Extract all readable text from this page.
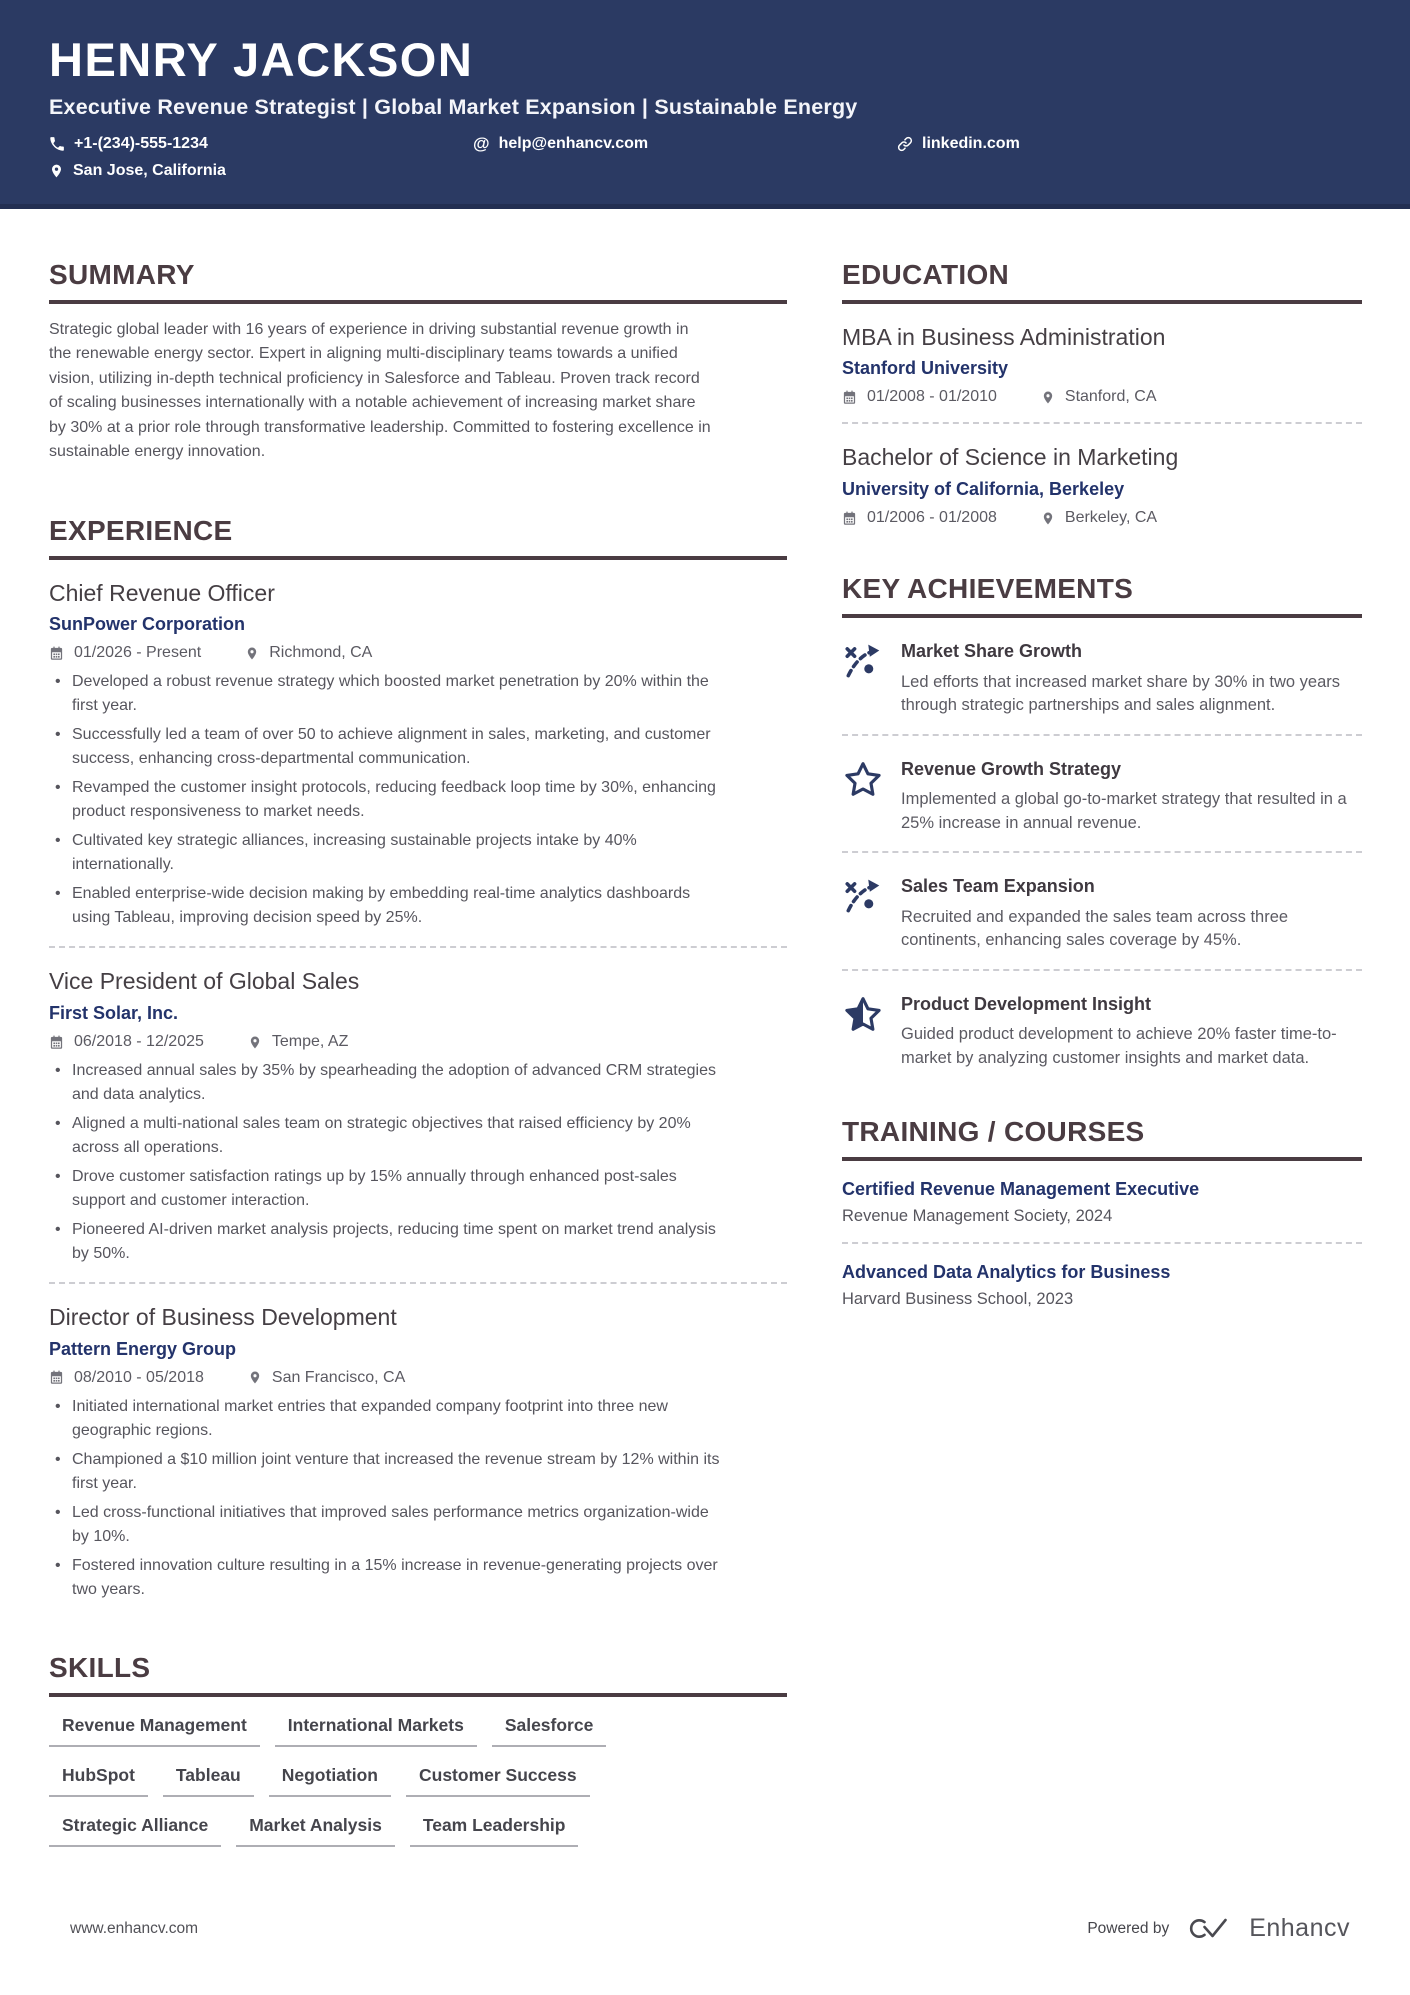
HENRY JACKSON
Executive Revenue Strategist | Global Market Expansion | Sustainable Energy
+1-(234)-555-1234	@ help@enhancv.com	linkedin.com
San Jose, California
SUMMARY

Strategic global leader with 16 years of experience in driving substantial revenue growth in the renewable energy sector. Expert in aligning multi-disciplinary teams towards a unified vision, utilizing in-depth technical proficiency in Salesforce and Tableau. Proven track record of scaling businesses internationally with a notable achievement of increasing market share by 30% at a prior role through transformative leadership. Committed to fostering excellence in sustainable energy innovation.

EXPERIENCE
Chief Revenue Officer
SunPower Corporation
01/2026 - Present	Richmond, CA
• Developed a robust revenue strategy which boosted market penetration by 20% within the first year.
• Successfully led a team of over 50 to achieve alignment in sales, marketing, and customer success, enhancing cross-departmental communication.
• Revamped the customer insight protocols, reducing feedback loop time by 30%, enhancing product responsiveness to market needs.
• Cultivated key strategic alliances, increasing sustainable projects intake by 40% internationally.
• Enabled enterprise-wide decision making by embedding real-time analytics dashboards using Tableau, improving decision speed by 25%.
Vice President of Global Sales
First Solar, Inc.
06/2018 - 12/2025	Tempe, AZ
• Increased annual sales by 35% by spearheading the adoption of advanced CRM strategies and data analytics.
• Aligned a multi-national sales team on strategic objectives that raised efficiency by 20% across all operations.
• Drove customer satisfaction ratings up by 15% annually through enhanced post-sales support and customer interaction.
• Pioneered AI-driven market analysis projects, reducing time spent on market trend analysis by 50%.
Director of Business Development
Pattern Energy Group
08/2010 - 05/2018	San Francisco, CA
• Initiated international market entries that expanded company footprint into three new geographic regions.
• Championed a $10 million joint venture that increased the revenue stream by 12% within its first year.
• Led cross-functional initiatives that improved sales performance metrics organization-wide by 10%.
• Fostered innovation culture resulting in a 15% increase in revenue-generating projects over two years.
SKILLS
Revenue Management	International Markets	Salesforce
HubSpot	Tableau	Negotiation	Customer Success
Strategic Alliance	Market Analysis	Team Leadership
EDUCATION
MBA in Business Administration
Stanford University
01/2008 - 01/2010	Stanford, CA
Bachelor of Science in Marketing
University of California, Berkeley
01/2006 - 01/2008	Berkeley, CA
KEY ACHIEVEMENTS
Market Share Growth
Led efforts that increased market share by 30% in two years through strategic partnerships and sales alignment.
Revenue Growth Strategy
Implemented a global go-to-market strategy that resulted in a 25% increase in annual revenue.
Sales Team Expansion
Recruited and expanded the sales team across three continents, enhancing sales coverage by 45%.
Product Development Insight
Guided product development to achieve 20% faster time-to-market by analyzing customer insights and market data.
TRAINING / COURSES
Certified Revenue Management Executive
Revenue Management Society, 2024
Advanced Data Analytics for Business
Harvard Business School, 2023
www.enhancv.com	Powered by	Enhancv
